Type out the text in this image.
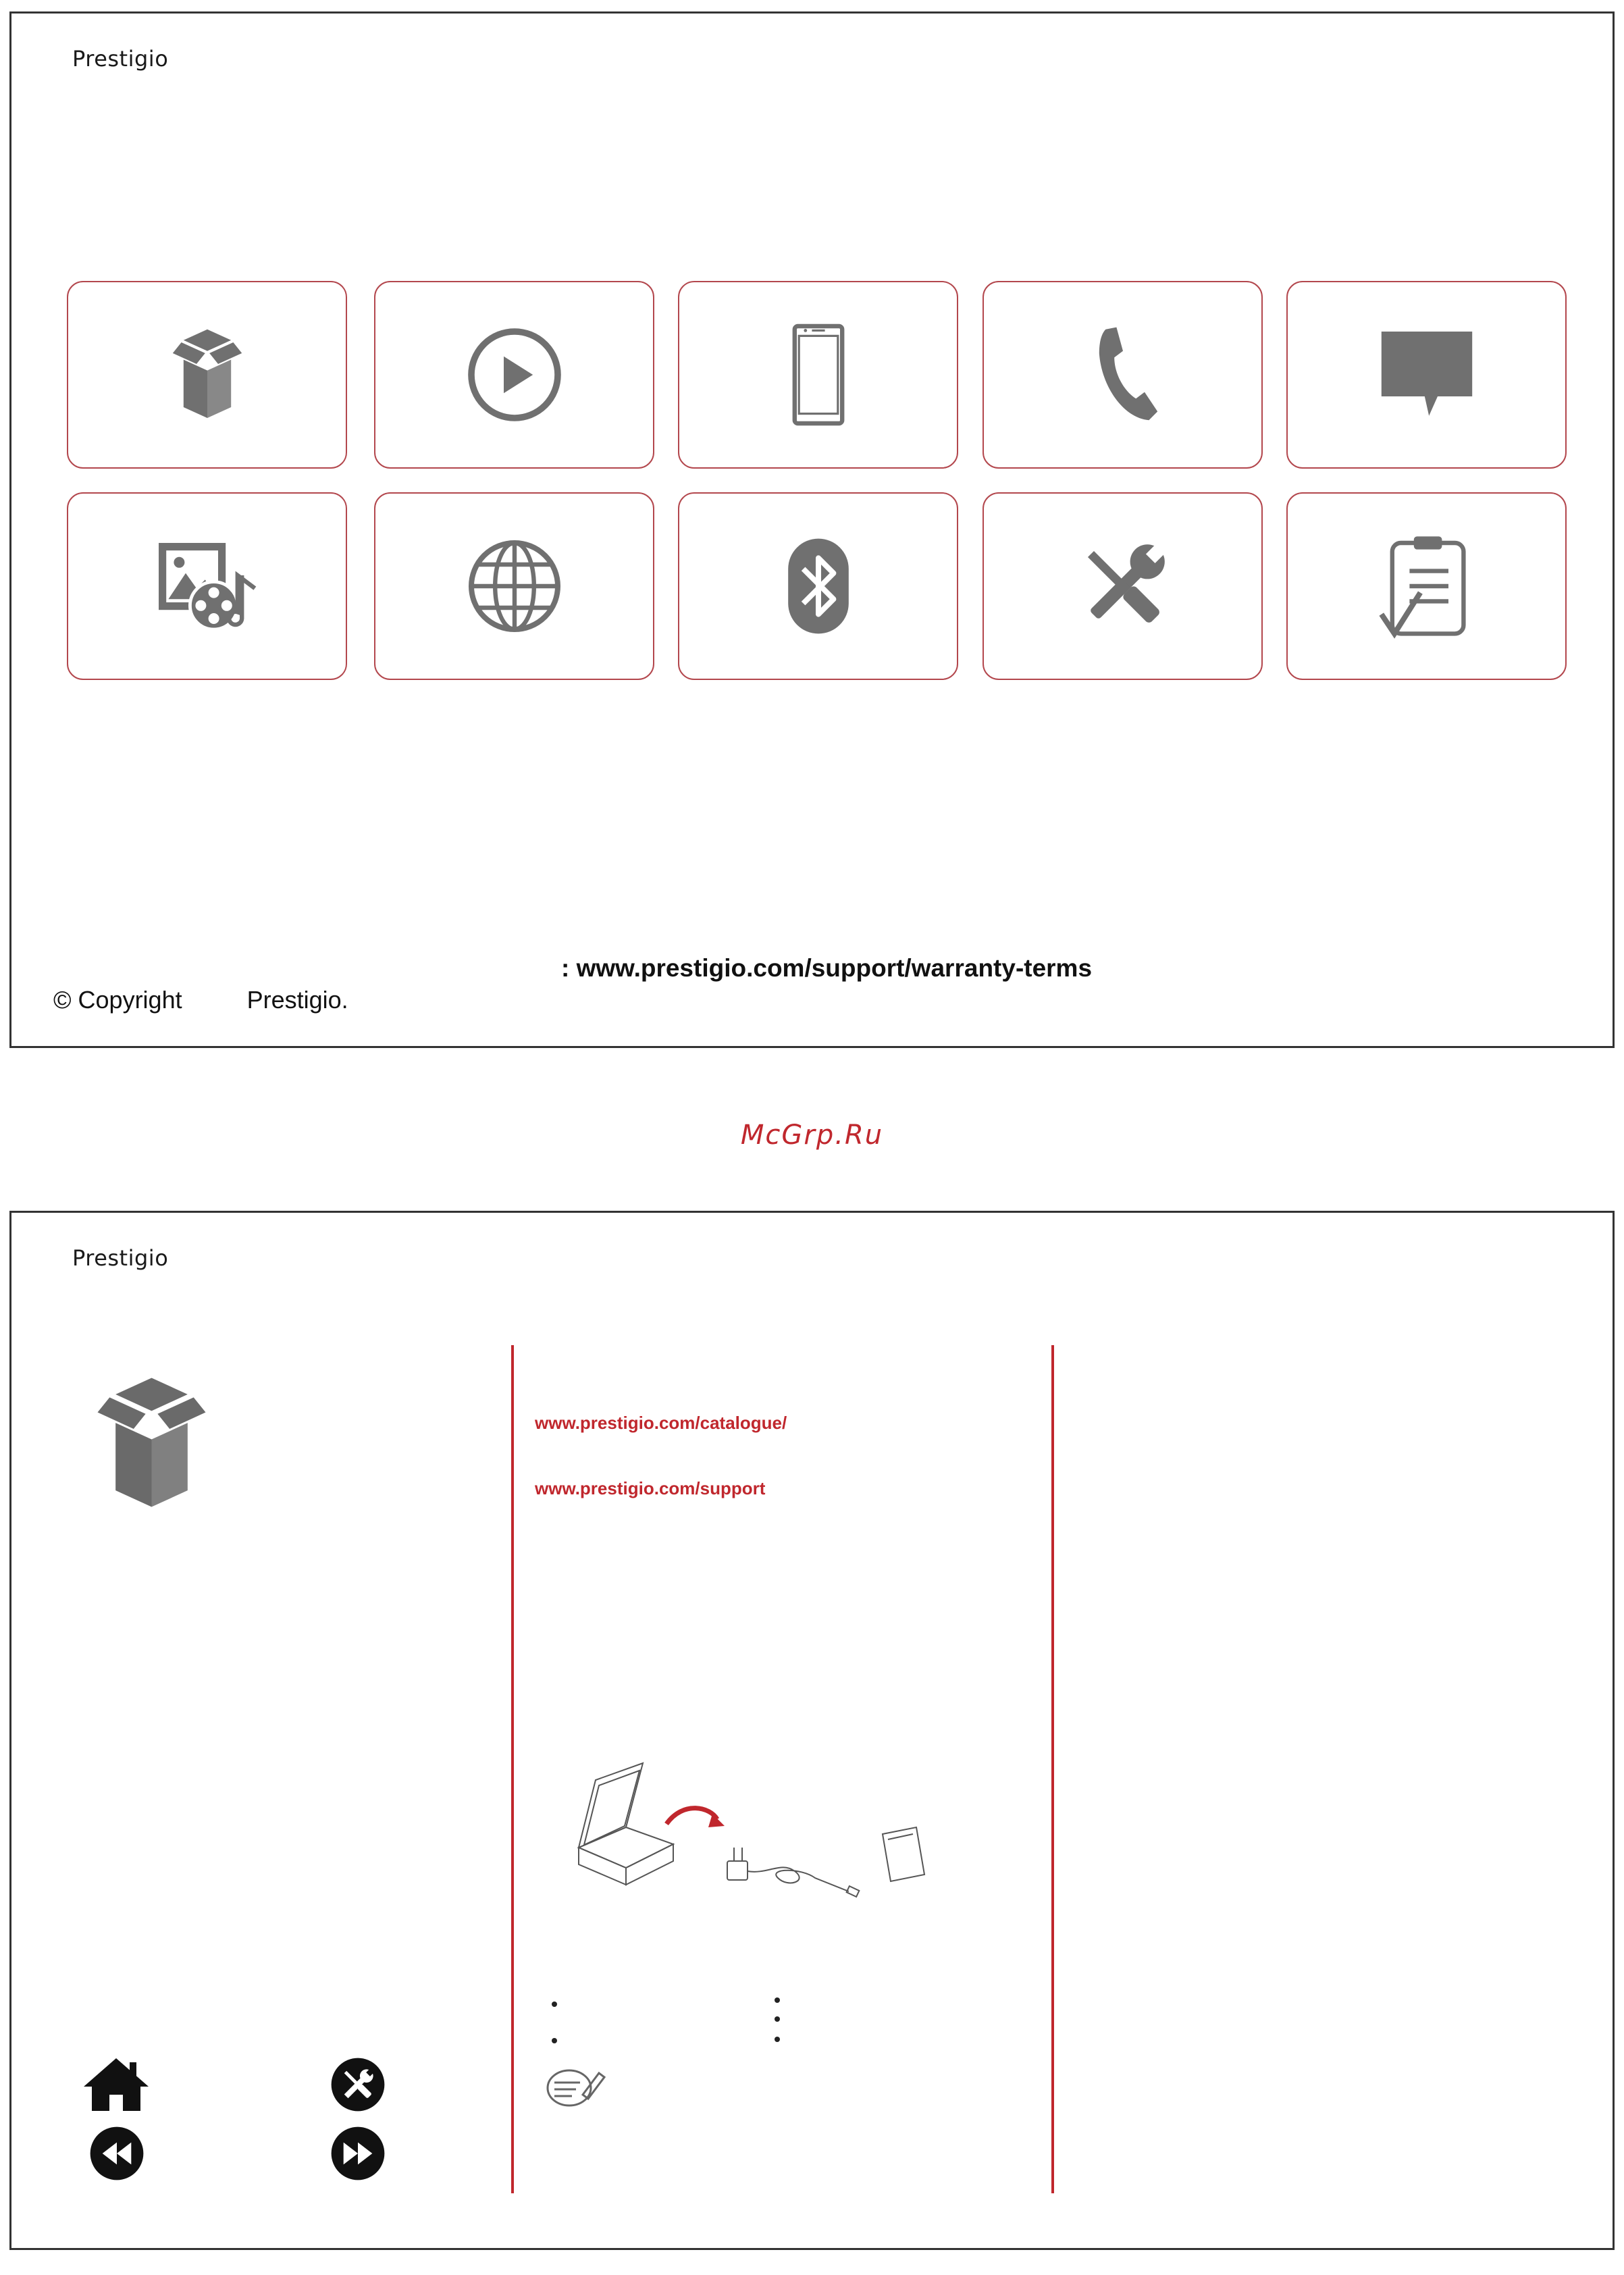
Prestigio
: www.prestigio.com/support/warranty-terms
© Copyright	Prestigio.
McGrp.Ru
Prestigio
www.prestigio.com/catalogue/
www.prestigio.com/support
